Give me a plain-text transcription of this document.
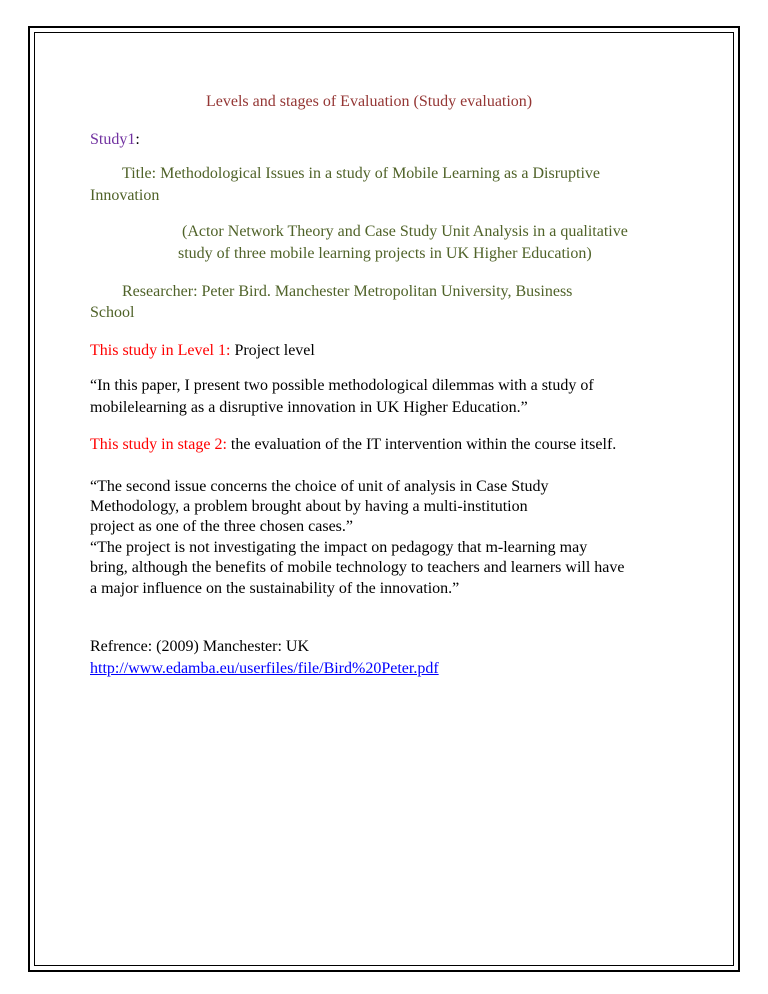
Levels and stages of Evaluation (Study evaluation)
Study1:
Title: Methodological Issues in a study of Mobile Learning as a Disruptive
Innovation
(Actor Network Theory and Case Study Unit Analysis in a qualitative
study of three mobile learning projects in UK Higher Education)
Researcher: Peter Bird. Manchester Metropolitan University, Business
School
This study in Level 1: Project level
“In this paper, I present two possible methodological dilemmas with a study of
mobilelearning as a disruptive innovation in UK Higher Education.”
This study in stage 2: the evaluation of the IT intervention within the course itself.
“The second issue concerns the choice of unit of analysis in Case Study
Methodology, a problem brought about by having a multi-institution
project as one of the three chosen cases.”
“The project is not investigating the impact on pedagogy that m-learning may
bring, although the benefits of mobile technology to teachers and learners will have
a major influence on the sustainability of the innovation.”
Refrence: (2009) Manchester: UK
http://www.edamba.eu/userfiles/file/Bird%20Peter.pdf
